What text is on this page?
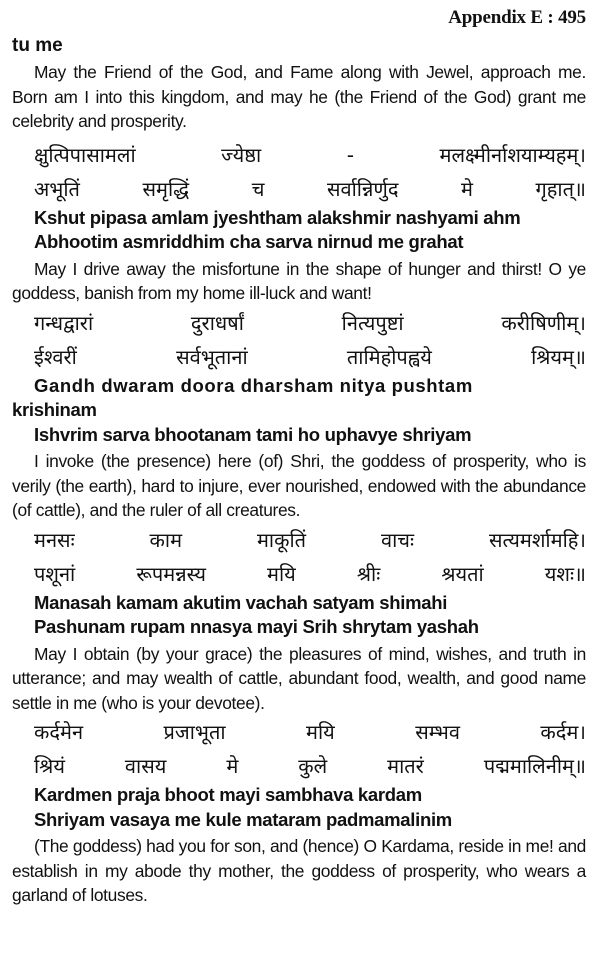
Appendix E : 495
tu me

May the Friend of the God, and Fame along with Jewel, approach me. Born am I into this kingdom, and may he (the Friend of the God) grant me celebrity and prosperity.

क्षुत्पिपासामलां	ज्येष्ठा	-	मलक्ष्मीर्नाशयाम्यहम्।
अभूतिं	समृद्धिं	च	सर्वान्निर्णुद	मे	गृहात्॥
Kshut pipasa amlam jyeshtham alakshmir nashyami ahm
Abhootim asmriddhim cha sarva nirnud me grahat

May I drive away the misfortune in the shape of hunger and thirst! O ye goddess, banish from my home ill-luck and want!

गन्धद्वारां	दुराधर्षां	नित्यपुष्टां	करीषिणीम्।
ईश्वरीं	सर्वभूतानां	तामिहोपह्वये	श्रियम्॥
Gandh dwaram doora dharsham nitya pushtam
krishinam
Ishvrim sarva bhootanam tami ho uphavye shriyam

I invoke (the presence) here (of) Shri, the goddess of prosperity, who is verily (the earth), hard to injure, ever nourished, endowed with the abundance (of cattle), and the ruler of all creatures.

मनसः	काम	माकूतिं	वाचः	सत्यमर्शामहि।
पशूनां	रूपमन्नस्य	मयि	श्रीः	श्रयतां	यशः॥
Manasah kamam akutim vachah satyam shimahi
Pashunam rupam nnasya mayi Srih shrytam yashah

May I obtain (by your grace) the pleasures of mind, wishes, and truth in utterance; and may wealth of cattle, abundant food, wealth, and good name settle in me (who is your devotee).

कर्दमेन	प्रजाभूता	मयि	सम्भव	कर्दम।
श्रियं	वासय	मे	कुले	मातरं	पद्ममालिनीम्॥
Kardmen praja bhoot mayi sambhava kardam
Shriyam vasaya me kule mataram padmamalinim

(The goddess) had you for son, and (hence) O Kardama, reside in me! and establish in my abode thy mother, the goddess of prosperity, who wears a garland of lotuses.
